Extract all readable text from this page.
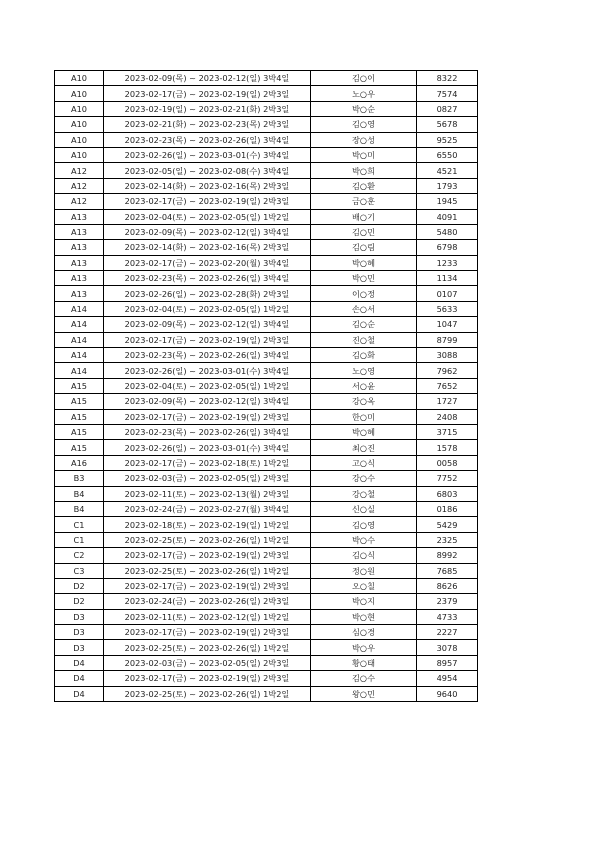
A10	2023-02-09(목) ~ 2023-02-12(일) 3박4일	김○이	8322
A10	2023-02-17(금) ~ 2023-02-19(일) 2박3일	노○우	7574
A10	2023-02-19(일) ~ 2023-02-21(화) 2박3일	박○순	0827
A10	2023-02-21(화) ~ 2023-02-23(목) 2박3일	김○영	5678
A10	2023-02-23(목) ~ 2023-02-26(일) 3박4일	장○성	9525
A10	2023-02-26(일) ~ 2023-03-01(수) 3박4일	박○미	6550
A12	2023-02-05(일) ~ 2023-02-08(수) 3박4일	박○희	4521
A12	2023-02-14(화) ~ 2023-02-16(목) 2박3일	김○환	1793
A12	2023-02-17(금) ~ 2023-02-19(일) 2박3일	금○훈	1945
A13	2023-02-04(토) ~ 2023-02-05(일) 1박2일	배○기	4091
A13	2023-02-09(목) ~ 2023-02-12(일) 3박4일	김○민	5480
A13	2023-02-14(화) ~ 2023-02-16(목) 2박3일	김○림	6798
A13	2023-02-17(금) ~ 2023-02-20(월) 3박4일	박○혜	1233
A13	2023-02-23(목) ~ 2023-02-26(일) 3박4일	박○민	1134
A13	2023-02-26(일) ~ 2023-02-28(화) 2박3일	이○정	0107
A14	2023-02-04(토) ~ 2023-02-05(일) 1박2일	손○서	5633
A14	2023-02-09(목) ~ 2023-02-12(일) 3박4일	김○순	1047
A14	2023-02-17(금) ~ 2023-02-19(일) 2박3일	진○철	8799
A14	2023-02-23(목) ~ 2023-02-26(일) 3박4일	김○화	3088
A14	2023-02-26(일) ~ 2023-03-01(수) 3박4일	노○영	7962
A15	2023-02-04(토) ~ 2023-02-05(일) 1박2일	서○윤	7652
A15	2023-02-09(목) ~ 2023-02-12(일) 3박4일	강○옥	1727
A15	2023-02-17(금) ~ 2023-02-19(일) 2박3일	한○미	2408
A15	2023-02-23(목) ~ 2023-02-26(일) 3박4일	박○혜	3715
A15	2023-02-26(일) ~ 2023-03-01(수) 3박4일	최○진	1578
A16	2023-02-17(금) ~ 2023-02-18(토) 1박2일	고○식	0058
B3	2023-02-03(금) ~ 2023-02-05(일) 2박3일	강○수	7752
B4	2023-02-11(토) ~ 2023-02-13(월) 2박3일	강○철	6803
B4	2023-02-24(금) ~ 2023-02-27(월) 3박4일	신○실	0186
C1	2023-02-18(토) ~ 2023-02-19(일) 1박2일	김○영	5429
C1	2023-02-25(토) ~ 2023-02-26(일) 1박2일	박○수	2325
C2	2023-02-17(금) ~ 2023-02-19(일) 2박3일	김○식	8992
C3	2023-02-25(토) ~ 2023-02-26(일) 1박2일	정○원	7685
D2	2023-02-17(금) ~ 2023-02-19(일) 2박3일	오○칠	8626
D2	2023-02-24(금) ~ 2023-02-26(일) 2박3일	박○지	2379
D3	2023-02-11(토) ~ 2023-02-12(일) 1박2일	박○현	4733
D3	2023-02-17(금) ~ 2023-02-19(일) 2박3일	심○경	2227
D3	2023-02-25(토) ~ 2023-02-26(일) 1박2일	박○우	3078
D4	2023-02-03(금) ~ 2023-02-05(일) 2박3일	황○태	8957
D4	2023-02-17(금) ~ 2023-02-19(일) 2박3일	김○수	4954
D4	2023-02-25(토) ~ 2023-02-26(일) 1박2일	왕○민	9640
